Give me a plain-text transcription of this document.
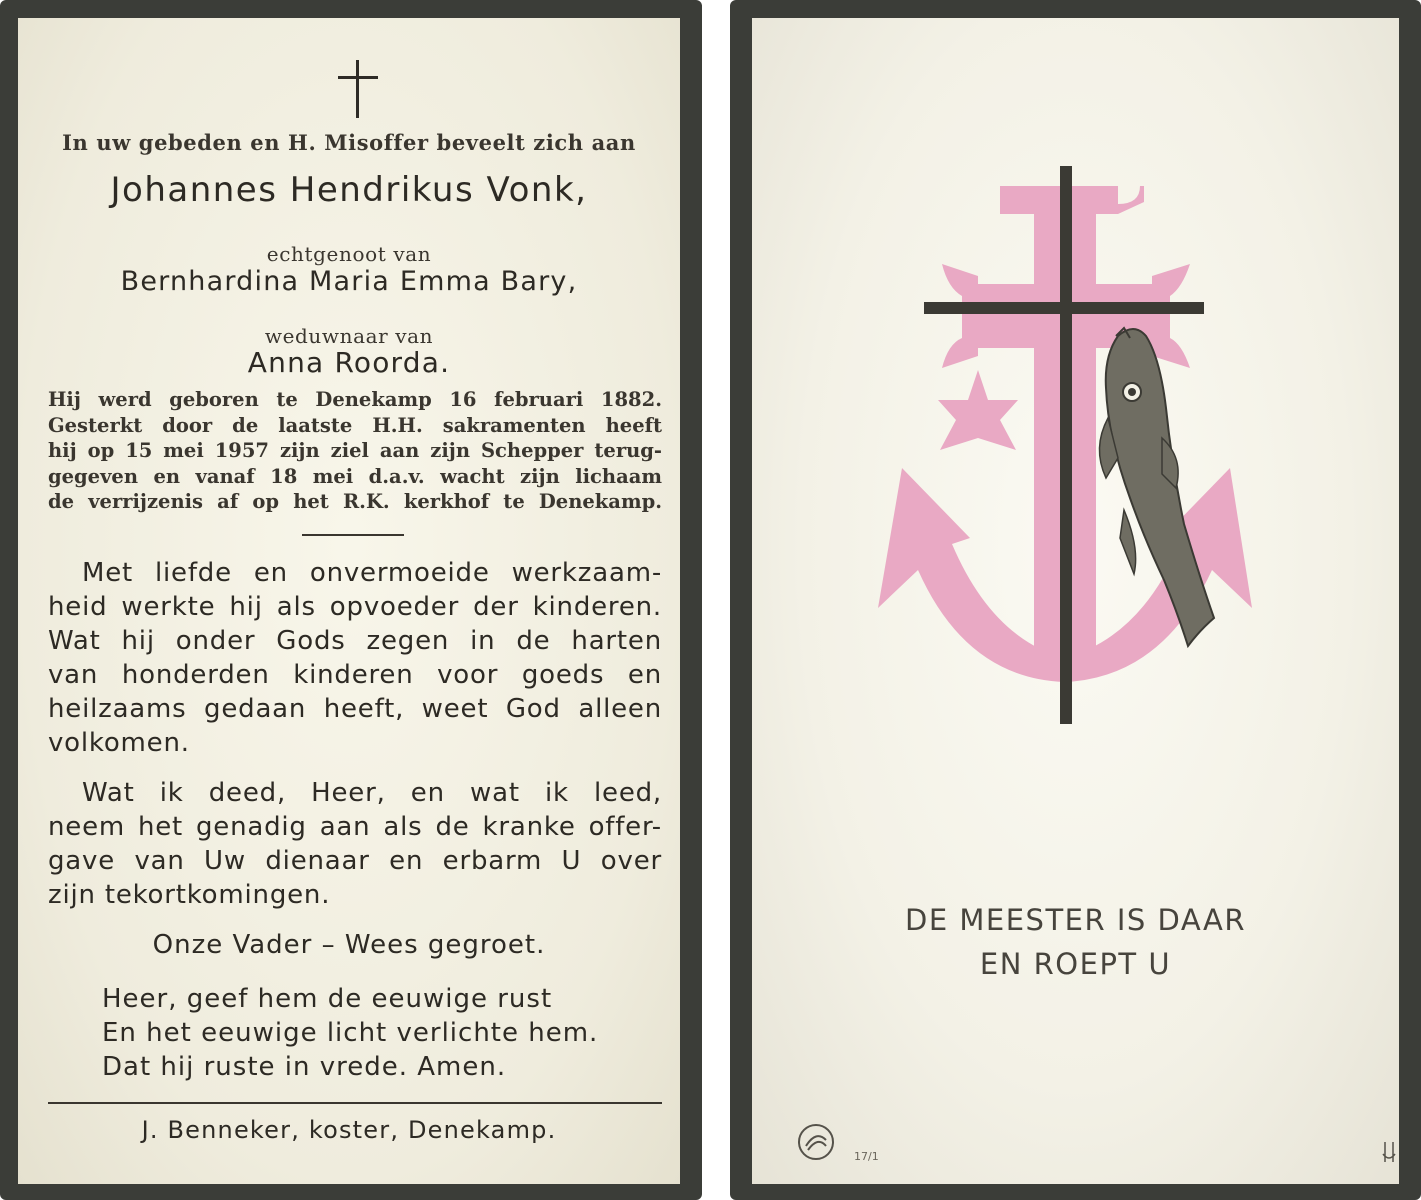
In uw gebeden en H. Misoffer beveelt zich aan
Johannes Hendrikus Vonk,
echtgenoot van
Bernhardina Maria Emma Bary,
weduwnaar van
Anna Roorda.
Hij werd geboren te Denekamp 16 februari 1882.
Gesterkt door de laatste H.H. sakramenten heeft
hij op 15 mei 1957 zijn ziel aan zijn Schepper terug-
gegeven en vanaf 18 mei d.a.v. wacht zijn lichaam
de verrijzenis af op het R.K. kerkhof te Denekamp.
Met liefde en onvermoeide werkzaam-
heid werkte hij als opvoeder der kinderen.
Wat hij onder Gods zegen in de harten
van honderden kinderen voor goeds en
heilzaams gedaan heeft, weet God alleen
volkomen.
Wat ik deed, Heer, en wat ik leed,
neem het genadig aan als de kranke offer-
gave van Uw dienaar en erbarm U over
zijn tekortkomingen.
Onze Vader – Wees gegroet.
Heer, geef hem de eeuwige rust
En het eeuwige licht verlichte hem.
Dat hij ruste in vrede. Amen.
J. Benneker, koster, Denekamp.
DE MEESTER IS DAAR
EN ROEPT U
17/1
